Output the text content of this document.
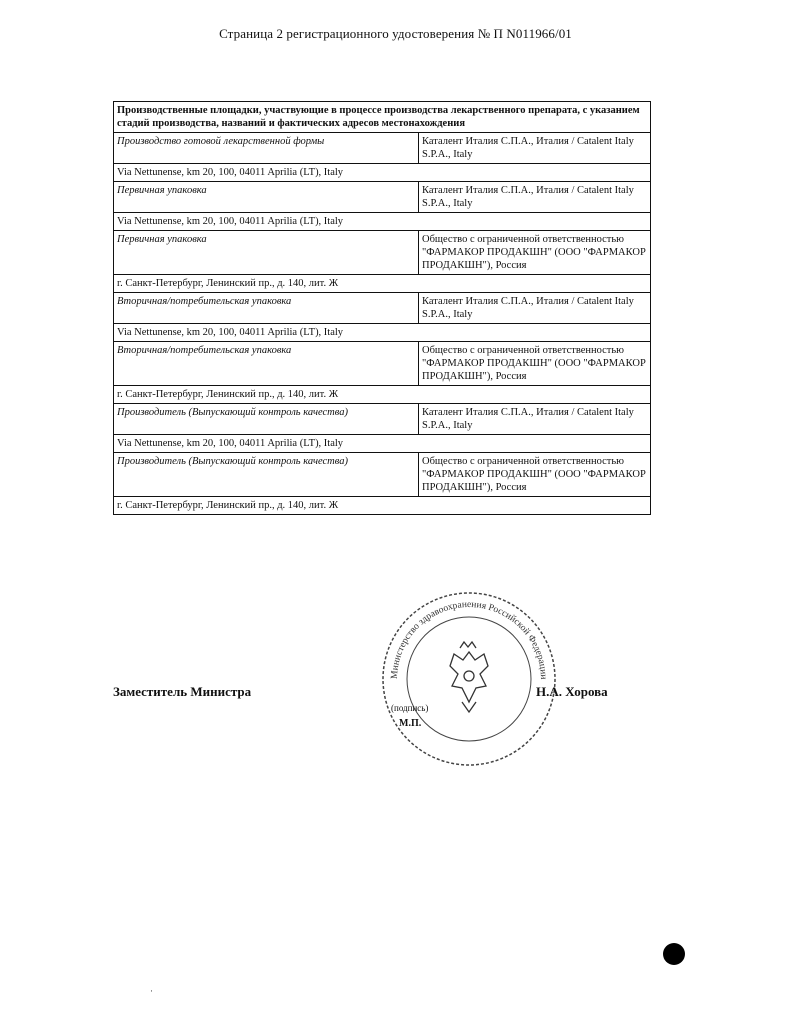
Страница 2 регистрационного удостоверения № П N011966/01
Производственные площадки, участвующие в процессе производства лекарственного препарата, с указанием стадий производства, названий и фактических адресов местонахождения	
Производство готовой лекарственной формы	Каталент Италия С.П.А., Италия / Catalent Italy S.P.A., Italy
Via Nettunense, km 20, 100, 04011 Aprilia (LT), Italy	
Первичная упаковка	Каталент Италия С.П.А., Италия / Catalent Italy S.P.A., Italy
Via Nettunense, km 20, 100, 04011 Aprilia (LT), Italy	
Первичная упаковка	Общество с ограниченной ответственностью "ФАРМАКОР ПРОДАКШН" (ООО "ФАРМАКОР ПРОДАКШН"), Россия
г. Санкт-Петербург, Ленинский пр., д. 140, лит. Ж	
Вторичная/потребительская упаковка	Каталент Италия С.П.А., Италия / Catalent Italy S.P.A., Italy
Via Nettunense, km 20, 100, 04011 Aprilia (LT), Italy	
Вторичная/потребительская упаковка	Общество с ограниченной ответственностью "ФАРМАКОР ПРОДАКШН" (ООО "ФАРМАКОР ПРОДАКШН"), Россия
г. Санкт-Петербург, Ленинский пр., д. 140, лит. Ж	
Производитель (Выпускающий контроль качества)	Каталент Италия С.П.А., Италия / Catalent Italy S.P.A., Italy
Via Nettunense, km 20, 100, 04011 Aprilia (LT), Italy	
Производитель (Выпускающий контроль качества)	Общество с ограниченной ответственностью "ФАРМАКОР ПРОДАКШН" (ООО "ФАРМАКОР ПРОДАКШН"), Россия
г. Санкт-Петербург, Ленинский пр., д. 140, лит. Ж	
Министерство здравоохранения Российской Федерации
Заместитель Министра	Н.А. Хорова
(подпись)
М.П.
·
